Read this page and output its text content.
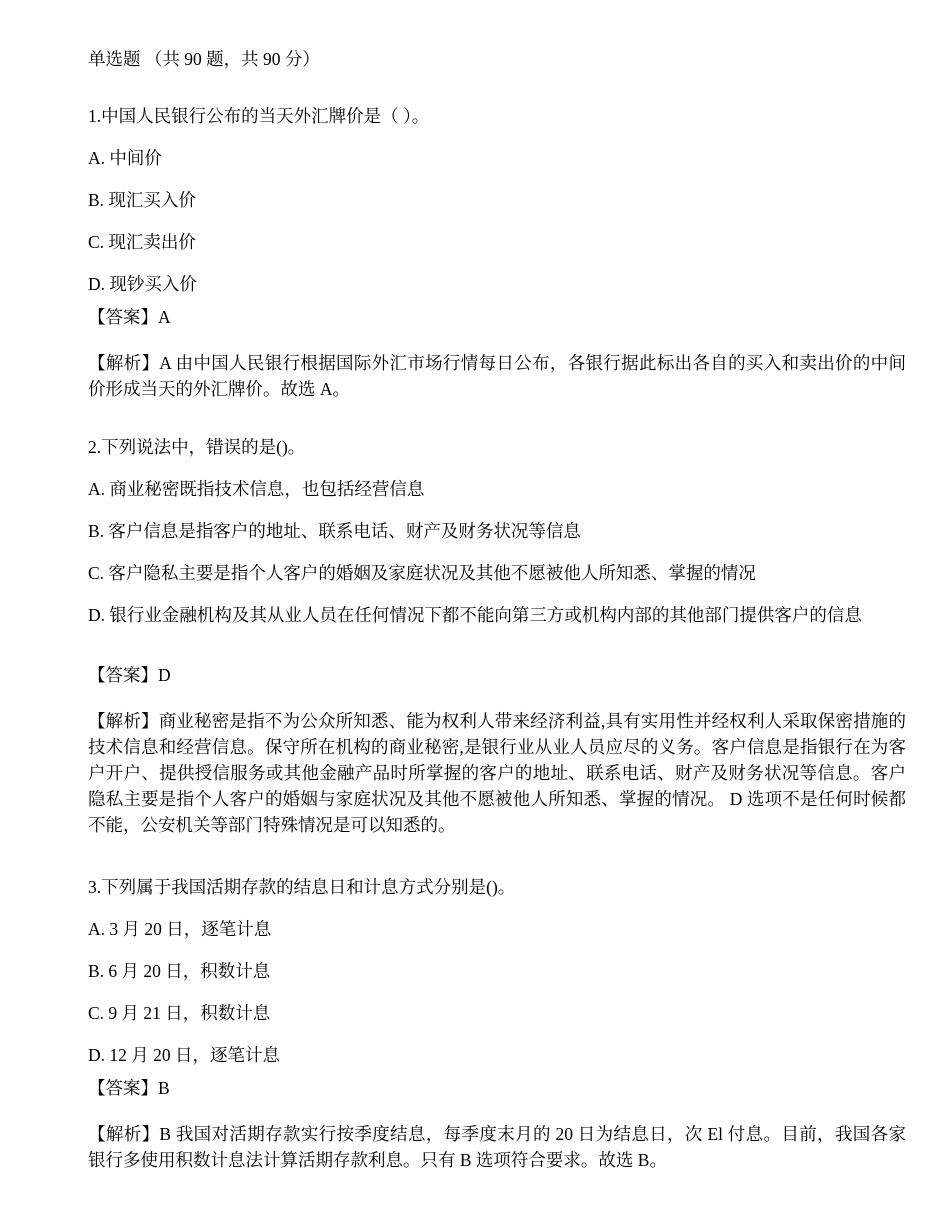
单选题 （共 90 题，共 90 分）
1.中国人民银行公布的当天外汇牌价是（ ）。
A. 中间价
B. 现汇买入价
C. 现汇卖出价
D. 现钞买入价
【答案】A
【解析】A 由中国人民银行根据国际外汇市场行情每日公布，各银行据此标出各自的买入和卖出价的中间价形成当天的外汇牌价。故选 A。
2.下列说法中，错误的是()。
A. 商业秘密既指技术信息，也包括经营信息
B. 客户信息是指客户的地址、联系电话、财产及财务状况等信息
C. 客户隐私主要是指个人客户的婚姻及家庭状况及其他不愿被他人所知悉、掌握的情况
D. 银行业金融机构及其从业人员在任何情况下都不能向第三方或机构内部的其他部门提供客户的信息
【答案】D
【解析】商业秘密是指不为公众所知悉、能为权利人带来经济利益,具有实用性并经权利人采取保密措施的技术信息和经营信息。保守所在机构的商业秘密,是银行业从业人员应尽的义务。客户信息是指银行在为客户开户、提供授信服务或其他金融产品时所掌握的客户的地址、联系电话、财产及财务状况等信息。客户隐私主要是指个人客户的婚姻与家庭状况及其他不愿被他人所知悉、掌握的情况。 D 选项不是任何时候都不能，公安机关等部门特殊情况是可以知悉的。
3.下列属于我国活期存款的结息日和计息方式分别是()。
A. 3 月 20 日，逐笔计息
B. 6 月 20 日，积数计息
C. 9 月 21 日，积数计息
D. 12 月 20 日，逐笔计息
【答案】B
【解析】B 我国对活期存款实行按季度结息，每季度末月的 20 日为结息日，次 El 付息。目前，我国各家银行多使用积数计息法计算活期存款利息。只有 B 选项符合要求。故选 B。
